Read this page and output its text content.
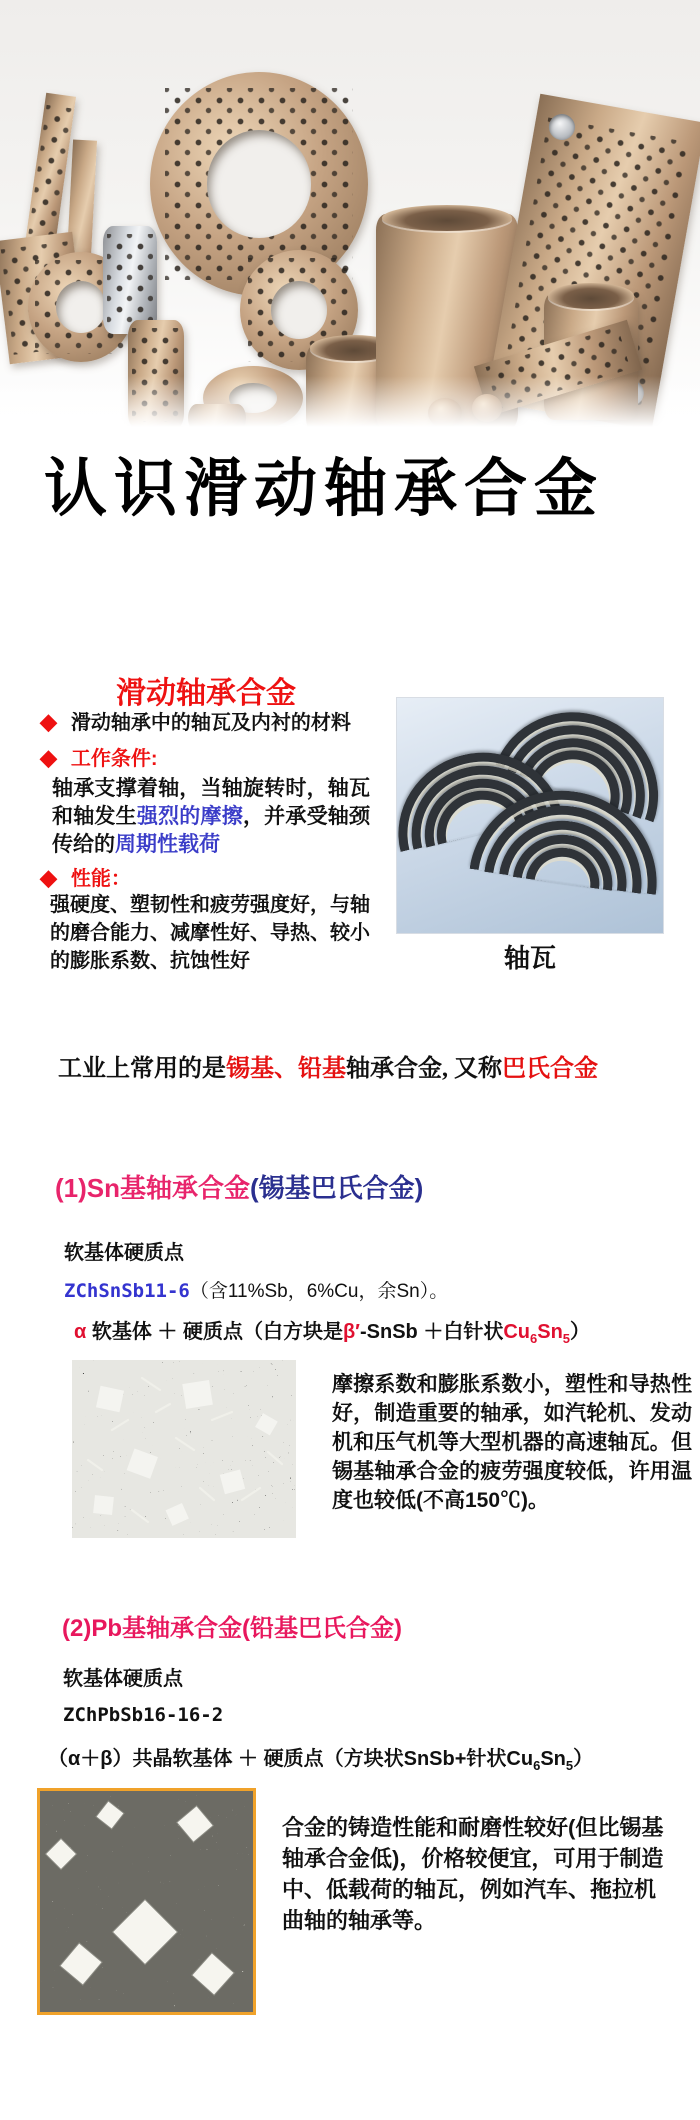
认识滑动轴承合金
滑动轴承合金
◆ 滑动轴承中的轴瓦及内衬的材料
◆ 工作条件:
轴承支撑着轴，当轴旋转时，轴瓦和轴发生强烈的摩擦，并承受轴颈传给的周期性载荷
◆ 性能：
强硬度、塑韧性和疲劳强度好，与轴的磨合能力、减摩性好、导热、较小的膨胀系数、抗蚀性好	轴瓦
工业上常用的是锡基、铅基轴承合金, 又称巴氏合金
(1)Sn基轴承合金(锡基巴氏合金)
软基体硬质点
ZChSnSb11-6（含11%Sb，6%Cu，余Sn）。
α 软基体 ＋ 硬质点（白方块是β′-SnSb ＋白针状$Cu_6Sn_5$）
摩擦系数和膨胀系数小，塑性和导热性好，制造重要的轴承，如汽轮机、发动机和压气机等大型机器的高速轴瓦。但锡基轴承合金的疲劳强度较低，许用温度也较低(不高150℃)。
(2)Pb基轴承合金(铅基巴氏合金)
软基体硬质点
ZChPbSb16-16-2
（α＋β）共晶软基体 ＋ 硬质点（方块状SnSb+针状$Cu_6Sn_5$）
合金的铸造性能和耐磨性较好(但比锡基轴承合金低)，价格较便宜，可用于制造中、低载荷的轴瓦，例如汽车、拖拉机曲轴的轴承等。
